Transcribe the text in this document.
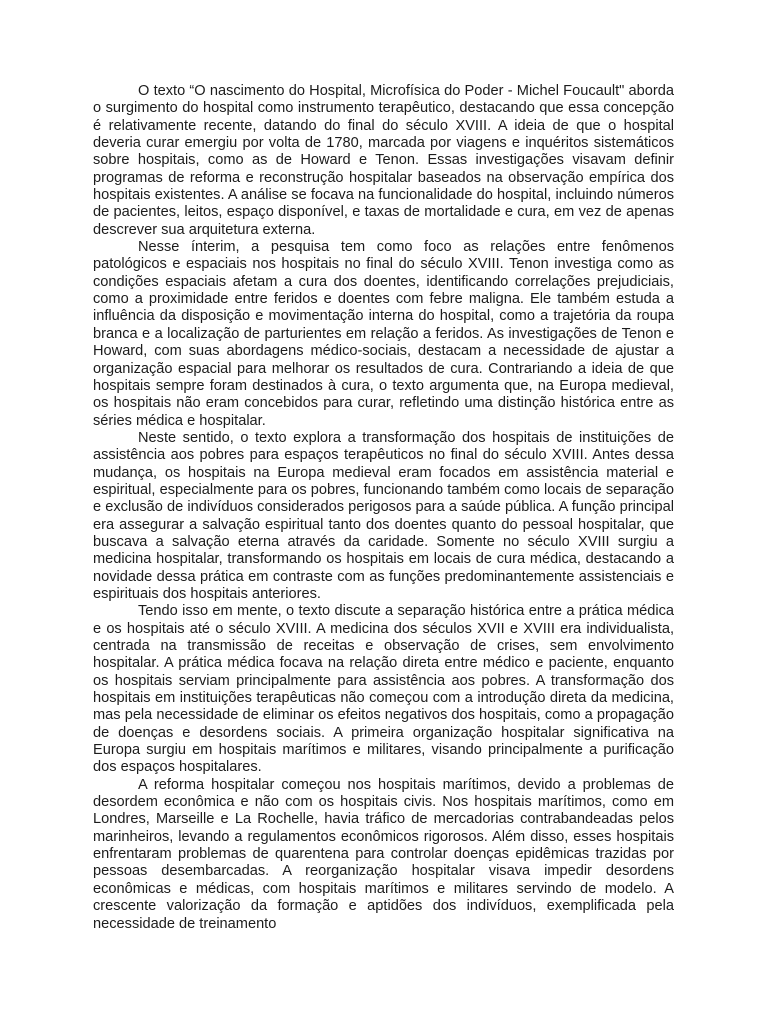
O texto “O nascimento do Hospital, Microfísica do Poder - Michel Foucault" aborda o surgimento do hospital como instrumento terapêutico, destacando que essa concepção é relativamente recente, datando do final do século XVIII. A ideia de que o hospital deveria curar emergiu por volta de 1780, marcada por viagens e inquéritos sistemáticos sobre hospitais, como as de Howard e Tenon. Essas investigações visavam definir programas de reforma e reconstrução hospitalar baseados na observação empírica dos hospitais existentes. A análise se focava na funcionalidade do hospital, incluindo números de pacientes, leitos, espaço disponível, e taxas de mortalidade e cura, em vez de apenas descrever sua arquitetura externa.

Nesse ínterim, a pesquisa tem como foco as relações entre fenômenos patológicos e espaciais nos hospitais no final do século XVIII. Tenon investiga como as condições espaciais afetam a cura dos doentes, identificando correlações prejudiciais, como a proximidade entre feridos e doentes com febre maligna. Ele também estuda a influência da disposição e movimentação interna do hospital, como a trajetória da roupa branca e a localização de parturientes em relação a feridos. As investigações de Tenon e Howard, com suas abordagens médico-sociais, destacam a necessidade de ajustar a organização espacial para melhorar os resultados de cura. Contrariando a ideia de que hospitais sempre foram destinados à cura, o texto argumenta que, na Europa medieval, os hospitais não eram concebidos para curar, refletindo uma distinção histórica entre as séries médica e hospitalar.

Neste sentido, o texto explora a transformação dos hospitais de instituições de assistência aos pobres para espaços terapêuticos no final do século XVIII. Antes dessa mudança, os hospitais na Europa medieval eram focados em assistência material e espiritual, especialmente para os pobres, funcionando também como locais de separação e exclusão de indivíduos considerados perigosos para a saúde pública. A função principal era assegurar a salvação espiritual tanto dos doentes quanto do pessoal hospitalar, que buscava a salvação eterna através da caridade. Somente no século XVIII surgiu a medicina hospitalar, transformando os hospitais em locais de cura médica, destacando a novidade dessa prática em contraste com as funções predominantemente assistenciais e espirituais dos hospitais anteriores.

Tendo isso em mente, o texto discute a separação histórica entre a prática médica e os hospitais até o século XVIII. A medicina dos séculos XVII e XVIII era individualista, centrada na transmissão de receitas e observação de crises, sem envolvimento hospitalar. A prática médica focava na relação direta entre médico e paciente, enquanto os hospitais serviam principalmente para assistência aos pobres. A transformação dos hospitais em instituições terapêuticas não começou com a introdução direta da medicina, mas pela necessidade de eliminar os efeitos negativos dos hospitais, como a propagação de doenças e desordens sociais. A primeira organização hospitalar significativa na Europa surgiu em hospitais marítimos e militares, visando principalmente a purificação dos espaços hospitalares.

A reforma hospitalar começou nos hospitais marítimos, devido a problemas de desordem econômica e não com os hospitais civis. Nos hospitais marítimos, como em Londres, Marseille e La Rochelle, havia tráfico de mercadorias contrabandeadas pelos marinheiros, levando a regulamentos econômicos rigorosos. Além disso, esses hospitais enfrentaram problemas de quarentena para controlar doenças epidêmicas trazidas por pessoas desembarcadas. A reorganização hospitalar visava impedir desordens econômicas e médicas, com hospitais marítimos e militares servindo de modelo. A crescente valorização da formação e aptidões dos indivíduos, exemplificada pela necessidade de treinamento
